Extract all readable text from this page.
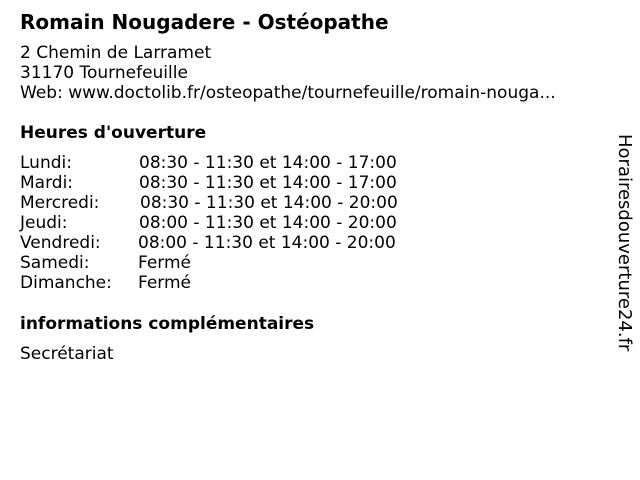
Romain Nougadere - Ostéopathe
2 Chemin de Larramet
31170 Tournefeuille
Web: www.doctolib.fr/osteopathe/tournefeuille/romain-nouga...
Heures d'ouverture
Lundi:	08:30 - 11:30 et 14:00 - 17:00
Mardi:	08:30 - 11:30 et 14:00 - 17:00
Mercredi: 08:30 - 11:30 et 14:00 - 20:00
Jeudi:	08:00 - 11:30 et 14:00 - 20:00
Vendredi: 08:00 - 11:30 et 14:00 - 20:00
Samedi:	Fermé
Dimanche: Fermé
informations complémentaires
Secrétariat
Horairesdouverture24.fr
